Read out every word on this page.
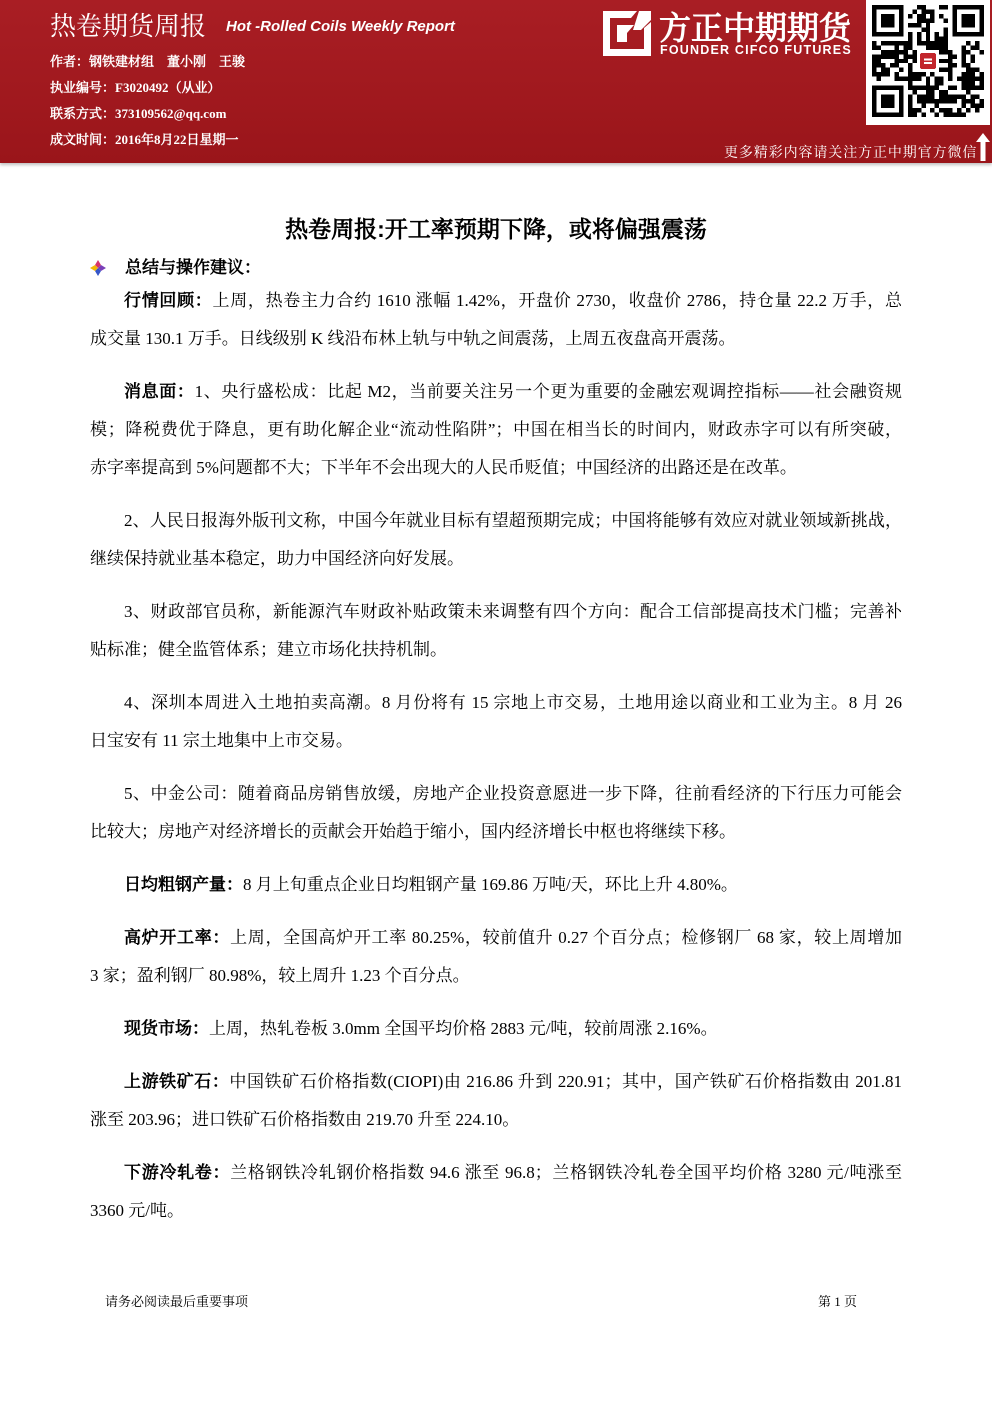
热卷期货周报 Hot -Rolled Coils Weekly Report
作者：钢铁建材组　董小刚　王骏
执业编号：F3020492（从业）
联系方式：373109562@qq.com
成文时间：2016年8月22日星期一
方正中期期货
FOUNDER CIFCO FUTURES
更多精彩内容请关注方正中期官方微信
热卷周报:开工率预期下降，或将偏强震荡
总结与操作建议：
行情回顾：上周，热卷主力合约 1610 涨幅 1.42%，开盘价 2730，收盘价 2786，持仓量 22.2 万手，总
成交量 130.1 万手。日线级别 K 线沿布林上轨与中轨之间震荡，上周五夜盘高开震荡。
消息面：1、央行盛松成：比起 M2，当前要关注另一个更为重要的金融宏观调控指标——社会融资规
模；降税费优于降息，更有助化解企业“流动性陷阱”；中国在相当长的时间内，财政赤字可以有所突破，
赤字率提高到 5%问题都不大；下半年不会出现大的人民币贬值；中国经济的出路还是在改革。
2、人民日报海外版刊文称，中国今年就业目标有望超预期完成；中国将能够有效应对就业领域新挑战，
继续保持就业基本稳定，助力中国经济向好发展。
3、财政部官员称，新能源汽车财政补贴政策未来调整有四个方向：配合工信部提高技术门槛；完善补
贴标准；健全监管体系；建立市场化扶持机制。
4、深圳本周进入土地拍卖高潮。8 月份将有 15 宗地上市交易，土地用途以商业和工业为主。8 月 26
日宝安有 11 宗土地集中上市交易。
5、中金公司：随着商品房销售放缓，房地产企业投资意愿进一步下降，往前看经济的下行压力可能会
比较大；房地产对经济增长的贡献会开始趋于缩小，国内经济增长中枢也将继续下移。
日均粗钢产量：8 月上旬重点企业日均粗钢产量 169.86 万吨/天，环比上升 4.80%。
高炉开工率：上周，全国高炉开工率 80.25%，较前值升 0.27 个百分点；检修钢厂 68 家，较上周增加
3 家；盈利钢厂 80.98%，较上周升 1.23 个百分点。
现货市场：上周，热轧卷板 3.0mm 全国平均价格 2883 元/吨，较前周涨 2.16%。
上游铁矿石：中国铁矿石价格指数(CIOPI)由 216.86 升到 220.91；其中，国产铁矿石价格指数由 201.81
涨至 203.96；进口铁矿石价格指数由 219.70 升至 224.10。
下游冷轧卷：兰格钢铁冷轧钢价格指数 94.6 涨至 96.8；兰格钢铁冷轧卷全国平均价格 3280 元/吨涨至
3360 元/吨。
请务必阅读最后重要事项	第 1 页
